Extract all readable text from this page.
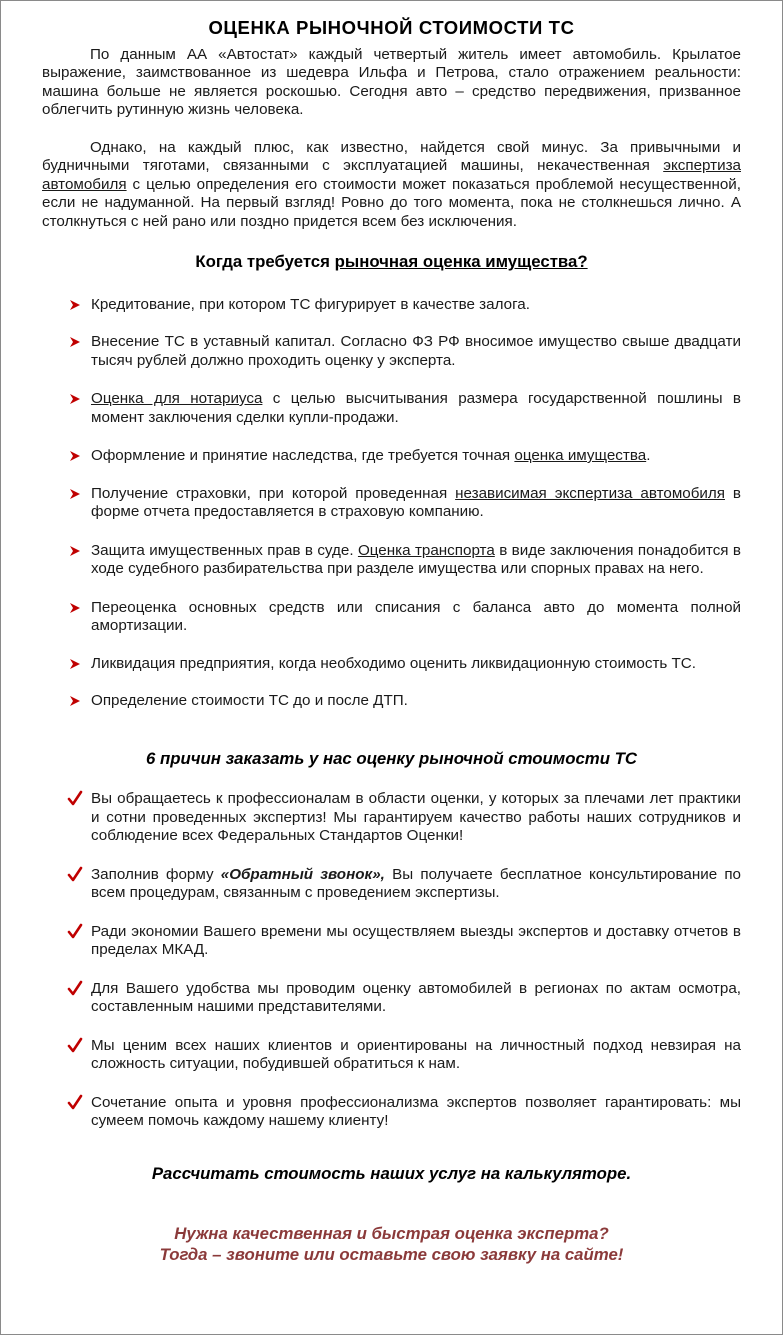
ОЦЕНКА РЫНОЧНОЙ СТОИМОСТИ ТС

По данным АА «Автостат» каждый четвертый житель имеет автомобиль. Крылатое выражение, заимствованное из шедевра Ильфа и Петрова, стало отражением реальности: машина больше не является роскошью. Сегодня авто – средство передвижения, призванное облегчить рутинную жизнь человека.

Однако, на каждый плюс, как известно, найдется свой минус. За привычными и будничными тяготами, связанными с эксплуатацией машины, некачественная экспертиза автомобиля с целью определения его стоимости может показаться проблемой несущественной, если не надуманной. На первый взгляд! Ровно до того момента, пока не столкнешься лично. А столкнуться с ней рано или поздно придется всем без исключения.

Когда требуется рыночная оценка имущества?
Кредитование, при котором ТС фигурирует в качестве залога.
Внесение ТС в уставный капитал. Согласно ФЗ РФ вносимое имущество свыше двадцати тысяч рублей должно проходить оценку у эксперта.
Оценка для нотариуса с целью высчитывания размера государственной пошлины в момент заключения сделки купли-продажи.
Оформление и принятие наследства, где требуется точная оценка имущества.
Получение страховки, при которой проведенная независимая экспертиза автомобиля в форме отчета предоставляется в страховую компанию.
Защита имущественных прав в суде. Оценка транспорта в виде заключения понадобится в ходе судебного разбирательства при разделе имущества или спорных правах на него.
Переоценка основных средств или списания с баланса авто до момента полной амортизации.
Ликвидация предприятия, когда необходимо оценить ликвидационную стоимость ТС.
Определение стоимости ТС до и после ДТП.
6 причин заказать у нас оценку рыночной стоимости ТС
Вы обращаетесь к профессионалам в области оценки, у которых за плечами лет практики и сотни проведенных экспертиз! Мы гарантируем качество работы наших сотрудников и соблюдение всех Федеральных Стандартов Оценки!
Заполнив форму «Обратный звонок», Вы получаете бесплатное консультирование по всем процедурам, связанным с проведением экспертизы.
Ради экономии Вашего времени мы осуществляем выезды экспертов и доставку отчетов в пределах МКАД.
Для Вашего удобства мы проводим оценку автомобилей в регионах по актам осмотра, составленным нашими представителями.
Мы ценим всех наших клиентов и ориентированы на личностный подход невзирая на сложность ситуации, побудившей обратиться к нам.
Сочетание опыта и уровня профессионализма экспертов позволяет гарантировать: мы сумеем помочь каждому нашему клиенту!
Рассчитать стоимость наших услуг на калькуляторе.
Нужна качественная и быстрая оценка эксперта?
Тогда – звоните или оставьте свою заявку на сайте!
